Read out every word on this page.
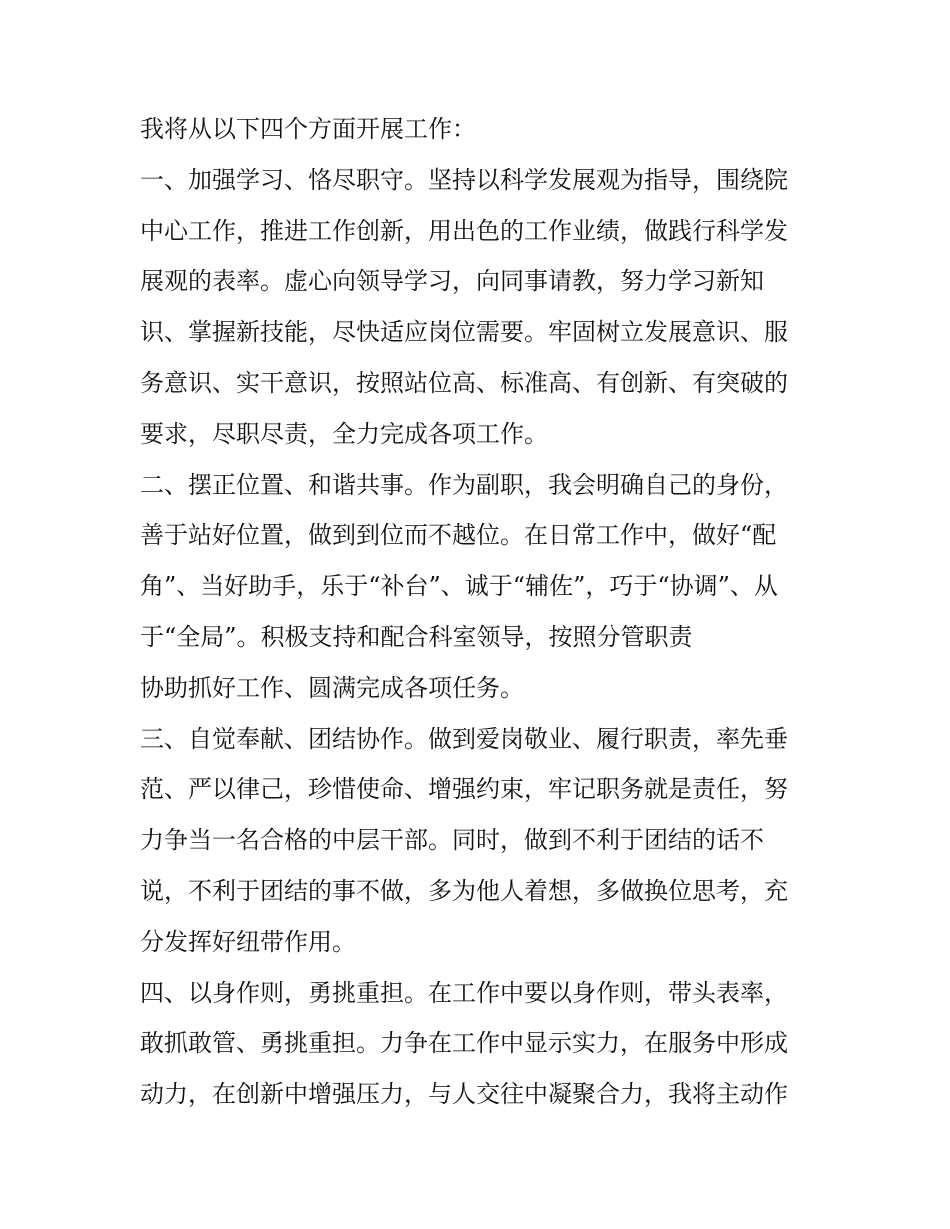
我将从以下四个方面开展工作：
一、加强学习、恪尽职守。坚持以科学发展观为指导，围绕院
中心工作，推进工作创新，用出色的工作业绩，做践行科学发
展观的表率。虚心向领导学习，向同事请教，努力学习新知
识、掌握新技能，尽快适应岗位需要。牢固树立发展意识、服
务意识、实干意识，按照站位高、标准高、有创新、有突破的
要求，尽职尽责，全力完成各项工作。
二、摆正位置、和谐共事。作为副职，我会明确自己的身份，
善于站好位置，做到到位而不越位。在日常工作中，做好“配
角”、当好助手，乐于“补台”、诚于“辅佐”，巧于“协调”、从
于“全局”。积极支持和配合科室领导，按照分管职责
协助抓好工作、圆满完成各项任务。
三、自觉奉献、团结协作。做到爱岗敬业、履行职责，率先垂
范、严以律己，珍惜使命、增强约束，牢记职务就是责任，努
力争当一名合格的中层干部。同时，做到不利于团结的话不
说，不利于团结的事不做，多为他人着想，多做换位思考，充
分发挥好纽带作用。
四、以身作则，勇挑重担。在工作中要以身作则，带头表率，
敢抓敢管、勇挑重担。力争在工作中显示实力，在服务中形成
动力，在创新中增强压力，与人交往中凝聚合力，我将主动作
